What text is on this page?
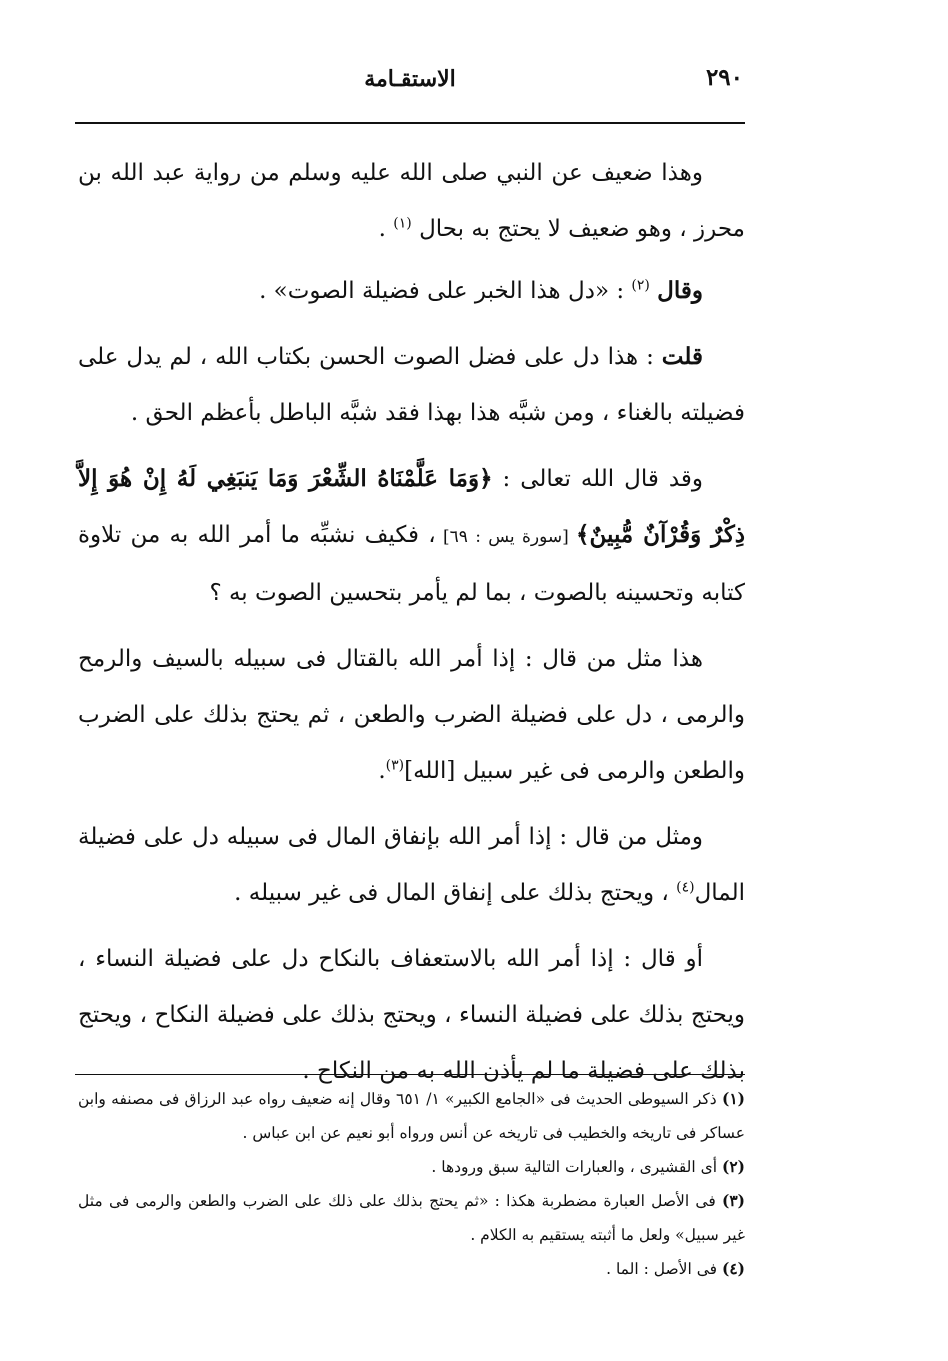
٢٩٠
الاستقـامة

وهذا ضعيف عن النبي صلى الله عليه وسلم من رواية عبد الله بن محرز ، وهو ضعيف لا يحتج به بحال $^{(١)}$ .

وقال $^{(٢)}$ : «دل هذا الخبر على فضيلة الصوت» .

قلت : هذا دل على فضل الصوت الحسن بكتاب الله ، لم يدل على فضيلته بالغناء ، ومن شبَّه هذا بهذا فقد شبَّه الباطل بأعظم الحق .

وقد قال الله تعالى : ﴿وَمَا عَلَّمْنَاهُ الشِّعْرَ وَمَا يَنبَغِي لَهُ إِنْ هُوَ إِلاَّ ذِكْرٌ وَقُرْآنٌ مُّبِينٌ﴾ [سورة يس : ٦٩] ، فكيف نشبِّه ما أمر الله به من تلاوة كتابه وتحسينه بالصوت ، بما لم يأمر بتحسين الصوت به ؟

هذا مثل من قال : إذا أمر الله بالقتال فى سبيله بالسيف والرمح والرمى ، دل على فضيلة الضرب والطعن ، ثم يحتج بذلك على الضرب والطعن والرمى فى غير سبيل [الله]$^{(٣)}$.

ومثل من قال : إذا أمر الله بإنفاق المال فى سبيله دل على فضيلة المال$^{(٤)}$ ، ويحتج بذلك على إنفاق المال فى غير سبيله .

أو قال : إذا أمر الله بالاستعفاف بالنكاح دل على فضيلة النساء ، ويحتج بذلك على فضيلة النساء ، ويحتج بذلك على فضيلة النكاح ، ويحتج بذلك على فضيلة ما لم يأذن الله به من النكاح .

(١) ذكر السيوطى الحديث فى «الجامع الكبير» ١/ ٦٥١ وقال إنه ضعيف رواه عبد الرزاق فى مصنفه وابن عساكر فى تاريخه والخطيب فى تاريخه عن أنس ورواه أبو نعيم عن ابن عباس .

(٢) أى القشيرى ، والعبارات التالية سبق ورودها .

(٣) فى الأصل العبارة مضطربة هكذا : «ثم يحتج بذلك على ذلك على الضرب والطعن والرمى فى مثل غير سبيل» ولعل ما أثبته يستقيم به الكلام .

(٤) فى الأصل : الما .
